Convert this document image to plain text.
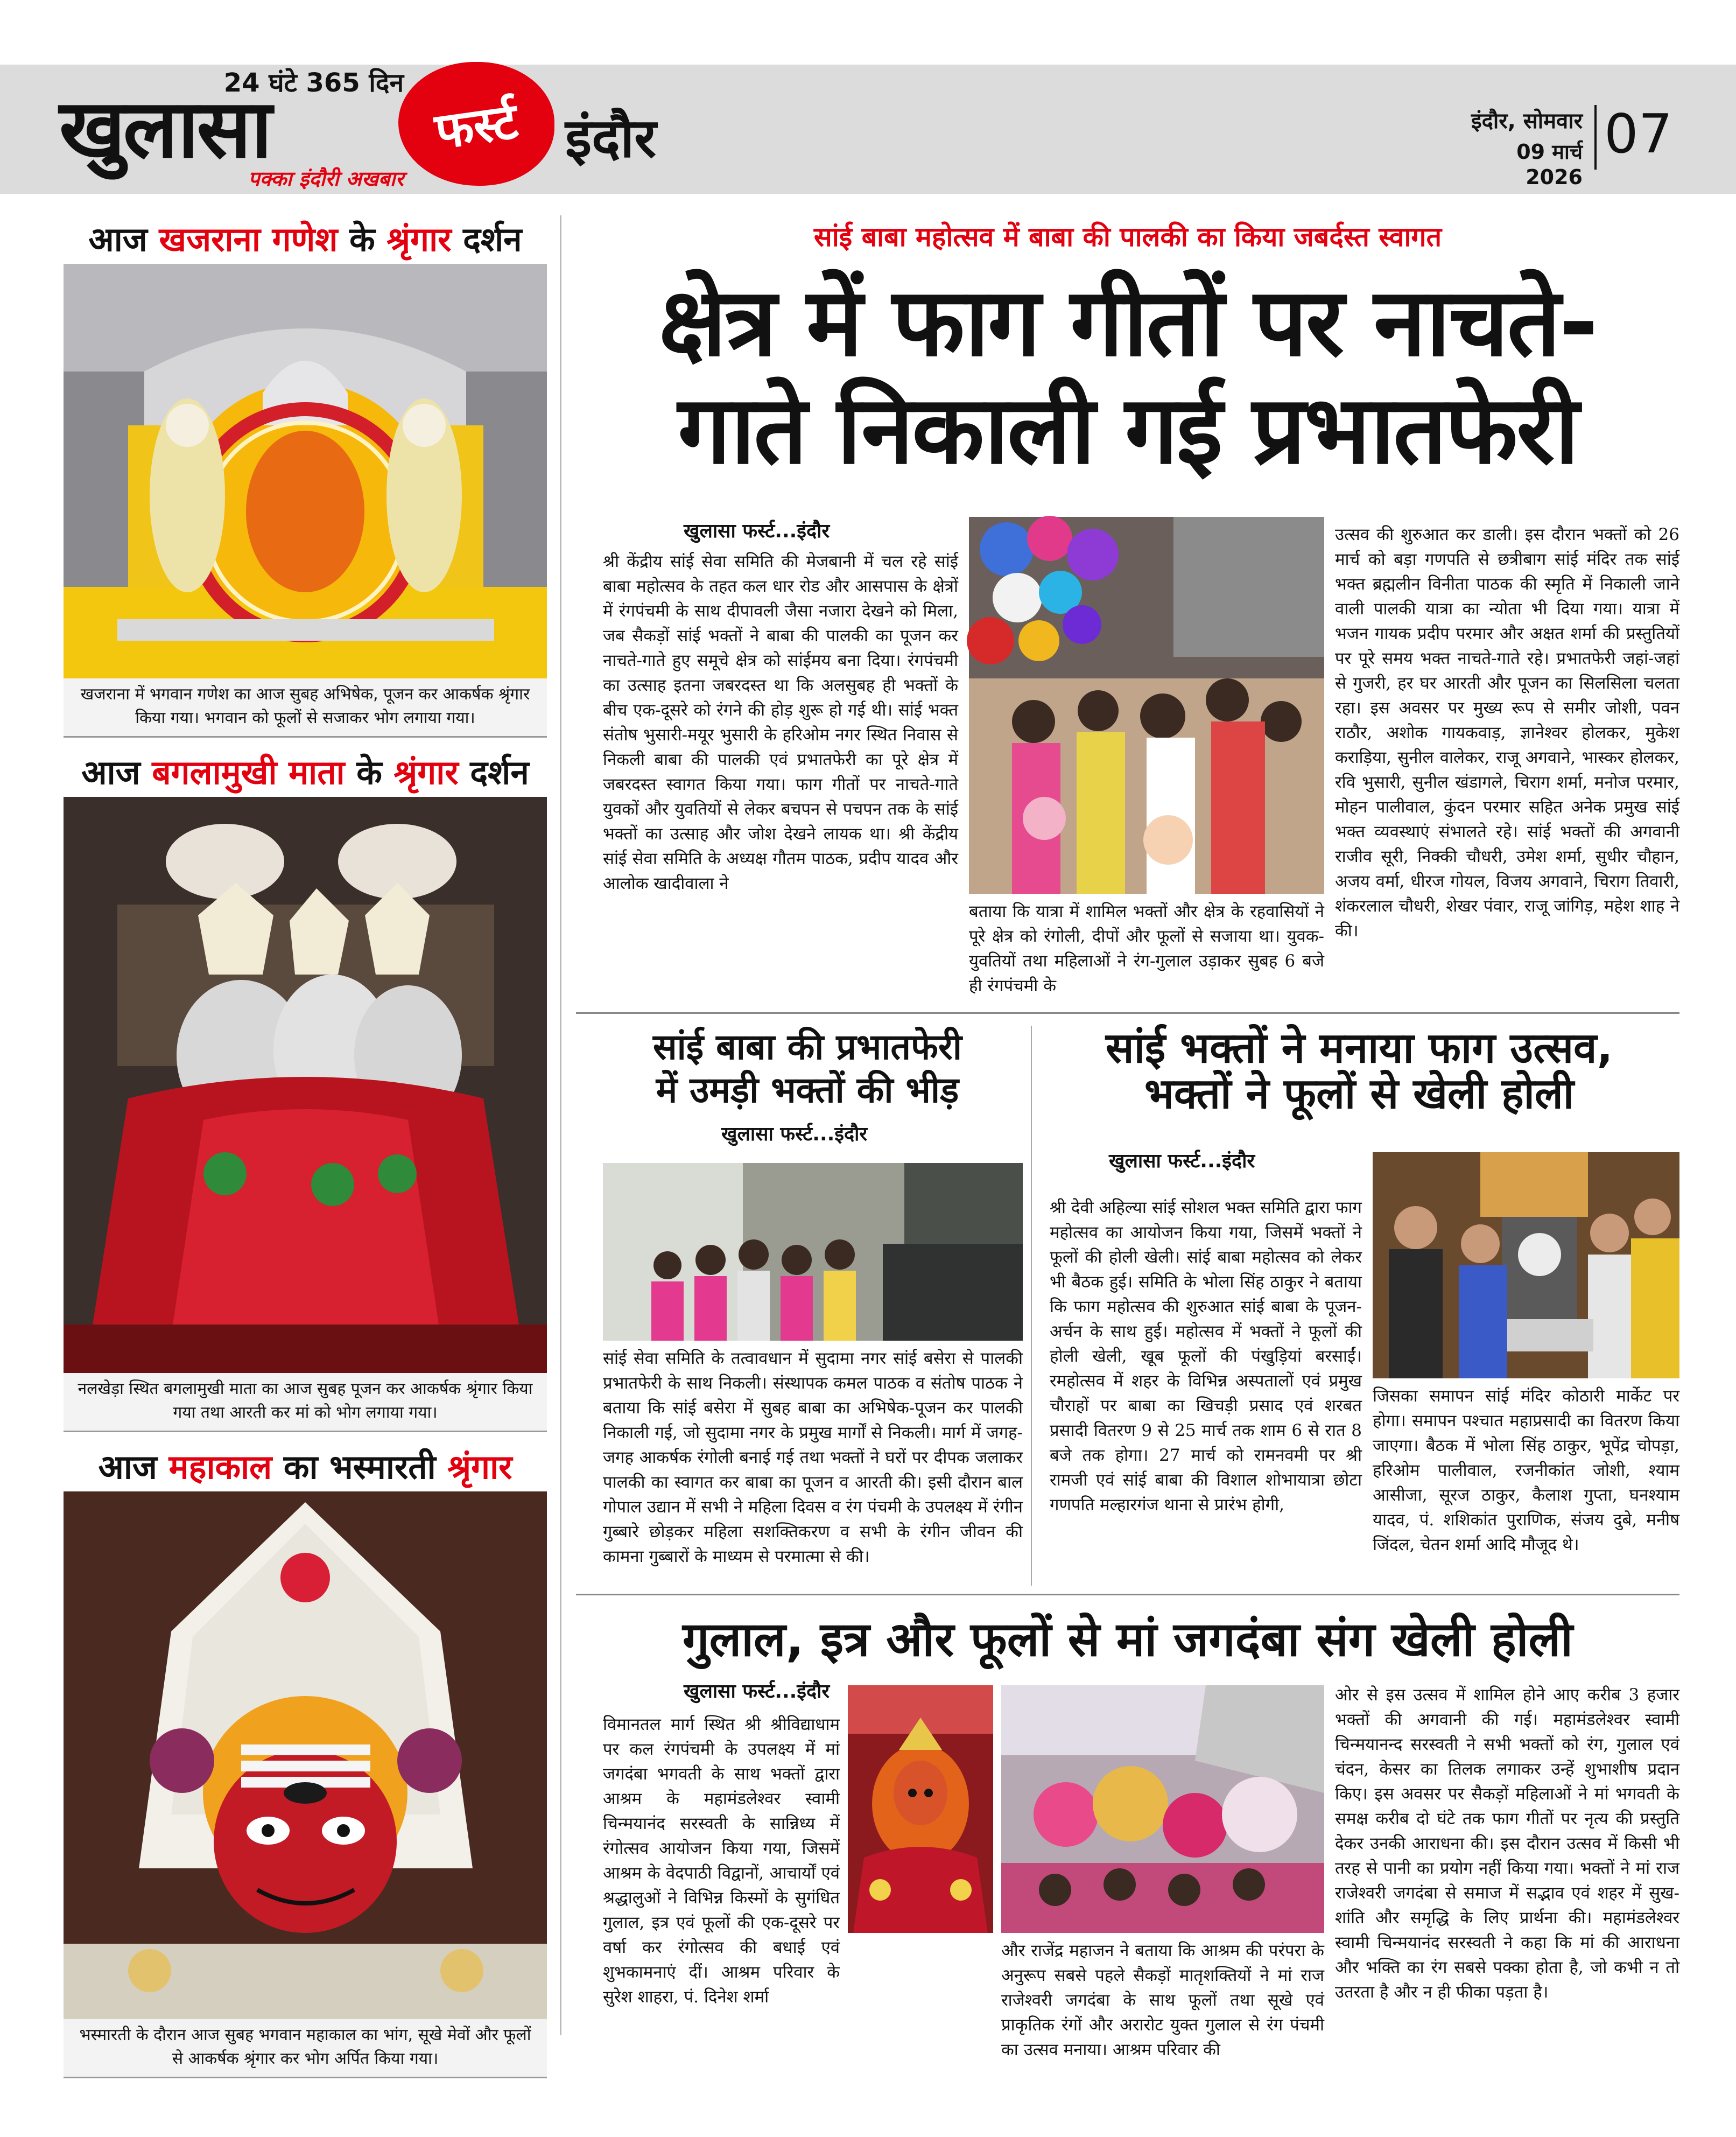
24 घंटे 365 दिन
खुलासा	फर्स्ट
पक्का इंदौरी अखबार
इंदौर	इंदौर, सोमवार
09 मार्च 2026
07
आज खजराना गणेश के श्रृंगार दर्शन
खजराना में भगवान गणेश का आज सुबह अभिषेक, पूजन कर आकर्षक श्रृंगार किया गया। भगवान को फूलों से सजाकर भोग लगाया गया।
आज बगलामुखी माता के श्रृंगार दर्शन
नलखेड़ा स्थित बगलामुखी माता का आज सुबह पूजन कर आकर्षक श्रृंगार किया गया तथा आरती कर मां को भोग लगाया गया।
आज महाकाल का भस्मारती श्रृंगार
भस्मारती के दौरान आज सुबह भगवान महाकाल का भांग, सूखे मेवों और फूलों से आकर्षक श्रृंगार कर भोग अर्पित किया गया।
सांई बाबा महोत्सव में बाबा की पालकी का किया जबर्दस्त स्वागत
क्षेत्र में फाग गीतों पर नाचते-
गाते निकाली गई प्रभातफेरी
खुलासा फर्स्ट...इंदौर
श्री केंद्रीय सांई सेवा समिति की मेजबानी में चल रहे सांई बाबा महोत्सव के तहत कल धार रोड और आसपास के क्षेत्रों में रंगपंचमी के साथ दीपावली जैसा नजारा देखने को मिला, जब सैकड़ों सांई भक्तों ने बाबा की पालकी का पूजन कर नाचते-गाते हुए समूचे क्षेत्र को सांईमय बना दिया। रंगपंचमी का उत्साह इतना जबरदस्त था कि अलसुबह ही भक्तों के बीच एक-दूसरे को रंगने की होड़ शुरू हो गई थी। सांई भक्त संतोष भुसारी-मयूर भुसारी के हरिओम नगर स्थित निवास से निकली बाबा की पालकी एवं प्रभातफेरी का पूरे क्षेत्र में जबरदस्त स्वागत किया गया। फाग गीतों पर नाचते-गाते युवकों और युवतियों से लेकर बचपन से पचपन तक के सांई भक्तों का उत्साह और जोश देखने लायक था। श्री केंद्रीय सांई सेवा समिति के अध्यक्ष गौतम पाठक, प्रदीप यादव और आलोक खादीवाला ने
बताया कि यात्रा में शामिल भक्तों और क्षेत्र के रहवासियों ने पूरे क्षेत्र को रंगोली, दीपों और फूलों से सजाया था। युवक-युवतियों तथा महिलाओं ने रंग-गुलाल उड़ाकर सुबह 6 बजे ही रंगपंचमी के
उत्सव की शुरुआत कर डाली। इस दौरान भक्तों को 26 मार्च को बड़ा गणपति से छत्रीबाग सांई मंदिर तक सांई भक्त ब्रह्मलीन विनीता पाठक की स्मृति में निकाली जाने वाली पालकी यात्रा का न्योता भी दिया गया। यात्रा में भजन गायक प्रदीप परमार और अक्षत शर्मा की प्रस्तुतियों पर पूरे समय भक्त नाचते-गाते रहे। प्रभातफेरी जहां-जहां से गुजरी, हर घर आरती और पूजन का सिलसिला चलता रहा। इस अवसर पर मुख्य रूप से समीर जोशी, पवन राठौर, अशोक गायकवाड़, ज्ञानेश्वर होलकर, मुकेश कराड़िया, सुनील वालेकर, राजू अगवाने, भास्कर होलकर, रवि भुसारी, सुनील खंडागले, चिराग शर्मा, मनोज परमार, मोहन पालीवाल, कुंदन परमार सहित अनेक प्रमुख सांई भक्त व्यवस्थाएं संभालते रहे। सांई भक्तों की अगवानी राजीव सूरी, निक्की चौधरी, उमेश शर्मा, सुधीर चौहान, अजय वर्मा, धीरज गोयल, विजय अगवाने, चिराग तिवारी, शंकरलाल चौधरी, शेखर पंवार, राजू जांगिड़, महेश शाह ने की।
सांई बाबा की प्रभातफेरी
में उमड़ी भक्तों की भीड़
खुलासा फर्स्ट...इंदौर
सांई सेवा समिति के तत्वावधान में सुदामा नगर सांई बसेरा से पालकी प्रभातफेरी के साथ निकली। संस्थापक कमल पाठक व संतोष पाठक ने बताया कि सांई बसेरा में सुबह बाबा का अभिषेक-पूजन कर पालकी निकाली गई, जो सुदामा नगर के प्रमुख मार्गों से निकली। मार्ग में जगह-जगह आकर्षक रंगोली बनाई गई तथा भक्तों ने घरों पर दीपक जलाकर पालकी का स्वागत कर बाबा का पूजन व आरती की। इसी दौरान बाल गोपाल उद्यान में सभी ने महिला दिवस व रंग पंचमी के उपलक्ष्य में रंगीन गुब्बारे छोड़कर महिला सशक्तिकरण व सभी के रंगीन जीवन की कामना गुब्बारों के माध्यम से परमात्मा से की।
सांई भक्तों ने मनाया फाग उत्सव,
भक्तों ने फूलों से खेली होली
खुलासा फर्स्ट...इंदौर
श्री देवी अहिल्या सांई सोशल भक्त समिति द्वारा फाग महोत्सव का आयोजन किया गया, जिसमें भक्तों ने फूलों की होली खेली। सांई बाबा महोत्सव को लेकर भी बैठक हुई। समिति के भोला सिंह ठाकुर ने बताया कि फाग महोत्सव की शुरुआत सांई बाबा के पूजन-अर्चन के साथ हुई। महोत्सव में भक्तों ने फूलों की होली खेली, खूब फूलों की पंखुड़ियां बरसाईं। रमहोत्सव में शहर के विभिन्न अस्पतालों एवं प्रमुख चौराहों पर बाबा का खिचड़ी प्रसाद एवं शरबत प्रसादी वितरण 9 से 25 मार्च तक शाम 6 से रात 8 बजे तक होगा। 27 मार्च को रामनवमी पर श्री रामजी एवं सांई बाबा की विशाल शोभायात्रा छोटा गणपति मल्हारगंज थाना से प्रारंभ होगी,
जिसका समापन सांई मंदिर कोठारी मार्केट पर होगा। समापन पश्चात महाप्रसादी का वितरण किया जाएगा। बैठक में भोला सिंह ठाकुर, भूपेंद्र चोपड़ा, हरिओम पालीवाल, रजनीकांत जोशी, श्याम आसीजा, सूरज ठाकुर, कैलाश गुप्ता, घनश्याम यादव, पं. शशिकांत पुराणिक, संजय दुबे, मनीष जिंदल, चेतन शर्मा आदि मौजूद थे।
गुलाल, इत्र और फूलों से मां जगदंबा संग खेली होली
खुलासा फर्स्ट...इंदौर
विमानतल मार्ग स्थित श्री श्रीविद्याधाम पर कल रंगपंचमी के उपलक्ष्य में मां जगदंबा भगवती के साथ भक्तों द्वारा आश्रम के महामंडलेश्वर स्वामी चिन्मयानंद सरस्वती के सान्निध्य में रंगोत्सव आयोजन किया गया, जिसमें आश्रम के वेदपाठी विद्वानों, आचार्यों एवं श्रद्धालुओं ने विभिन्न किस्मों के सुगंधित गुलाल, इत्र एवं फूलों की एक-दूसरे पर वर्षा कर रंगोत्सव की बधाई एवं शुभकामनाएं दीं। आश्रम परिवार के सुरेश शाहरा, पं. दिनेश शर्मा
और राजेंद्र महाजन ने बताया कि आश्रम की परंपरा के अनुरूप सबसे पहले सैकड़ों मातृशक्तियों ने मां राज राजेश्वरी जगदंबा के साथ फूलों तथा सूखे एवं प्राकृतिक रंगों और अरारोट युक्त गुलाल से रंग पंचमी का उत्सव मनाया। आश्रम परिवार की
ओर से इस उत्सव में शामिल होने आए करीब 3 हजार भक्तों की अगवानी की गई। महामंडलेश्वर स्वामी चिन्मयानन्द सरस्वती ने सभी भक्तों को रंग, गुलाल एवं चंदन, केसर का तिलक लगाकर उन्हें शुभाशीष प्रदान किए। इस अवसर पर सैकड़ों महिलाओं ने मां भगवती के समक्ष करीब दो घंटे तक फाग गीतों पर नृत्य की प्रस्तुति देकर उनकी आराधना की। इस दौरान उत्सव में किसी भी तरह से पानी का प्रयोग नहीं किया गया। भक्तों ने मां राज राजेश्वरी जगदंबा से समाज में सद्भाव एवं शहर में सुख-शांति और समृद्धि के लिए प्रार्थना की। महामंडलेश्वर स्वामी चिन्मयानंद सरस्वती ने कहा कि मां की आराधना और भक्ति का रंग सबसे पक्का होता है, जो कभी न तो उतरता है और न ही फीका पड़ता है।
